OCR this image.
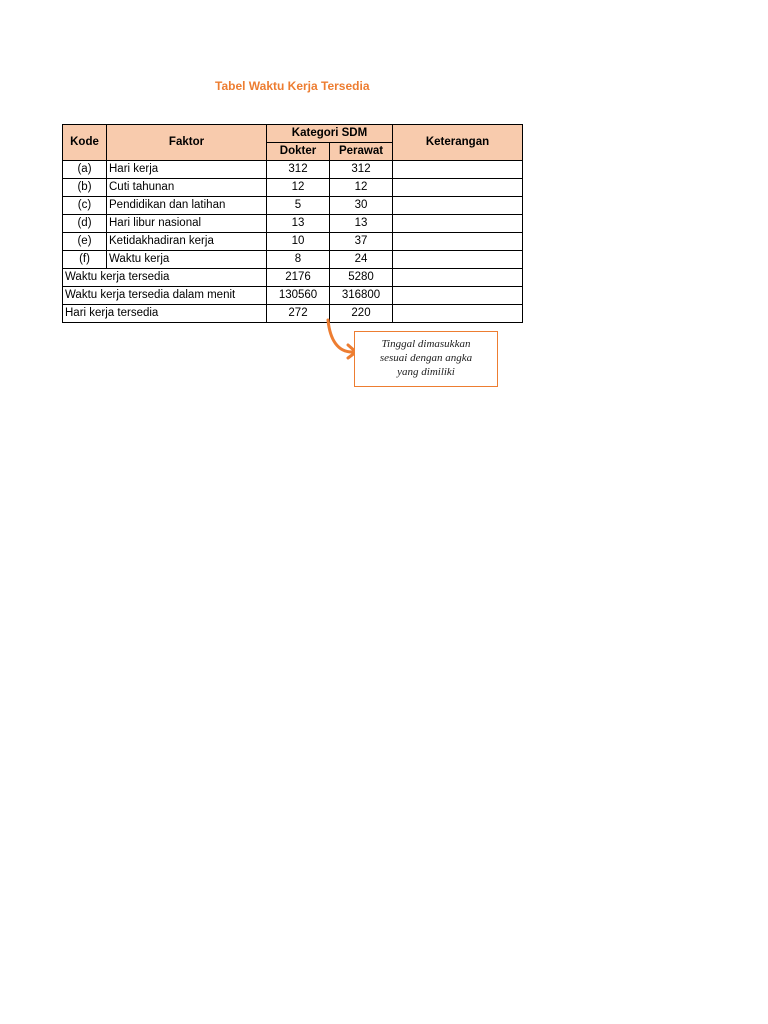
Tabel Waktu Kerja Tersedia
Kode	Faktor	Kategori SDM		Keterangan
		Dokter	Perawat	
(a)	Hari kerja	312	312	
(b)	Cuti tahunan	12	12	
(c)	Pendidikan dan latihan	5	30	
(d)	Hari libur nasional	13	13	
(e)	Ketidakhadiran kerja	10	37	
(f)	Waktu kerja	8	24	
Waktu kerja tersedia		2176	5280	
Waktu kerja tersedia dalam menit		130560	316800	
Hari kerja tersedia		272	220	
Tinggal dimasukkan
sesuai dengan angka
yang dimiliki
